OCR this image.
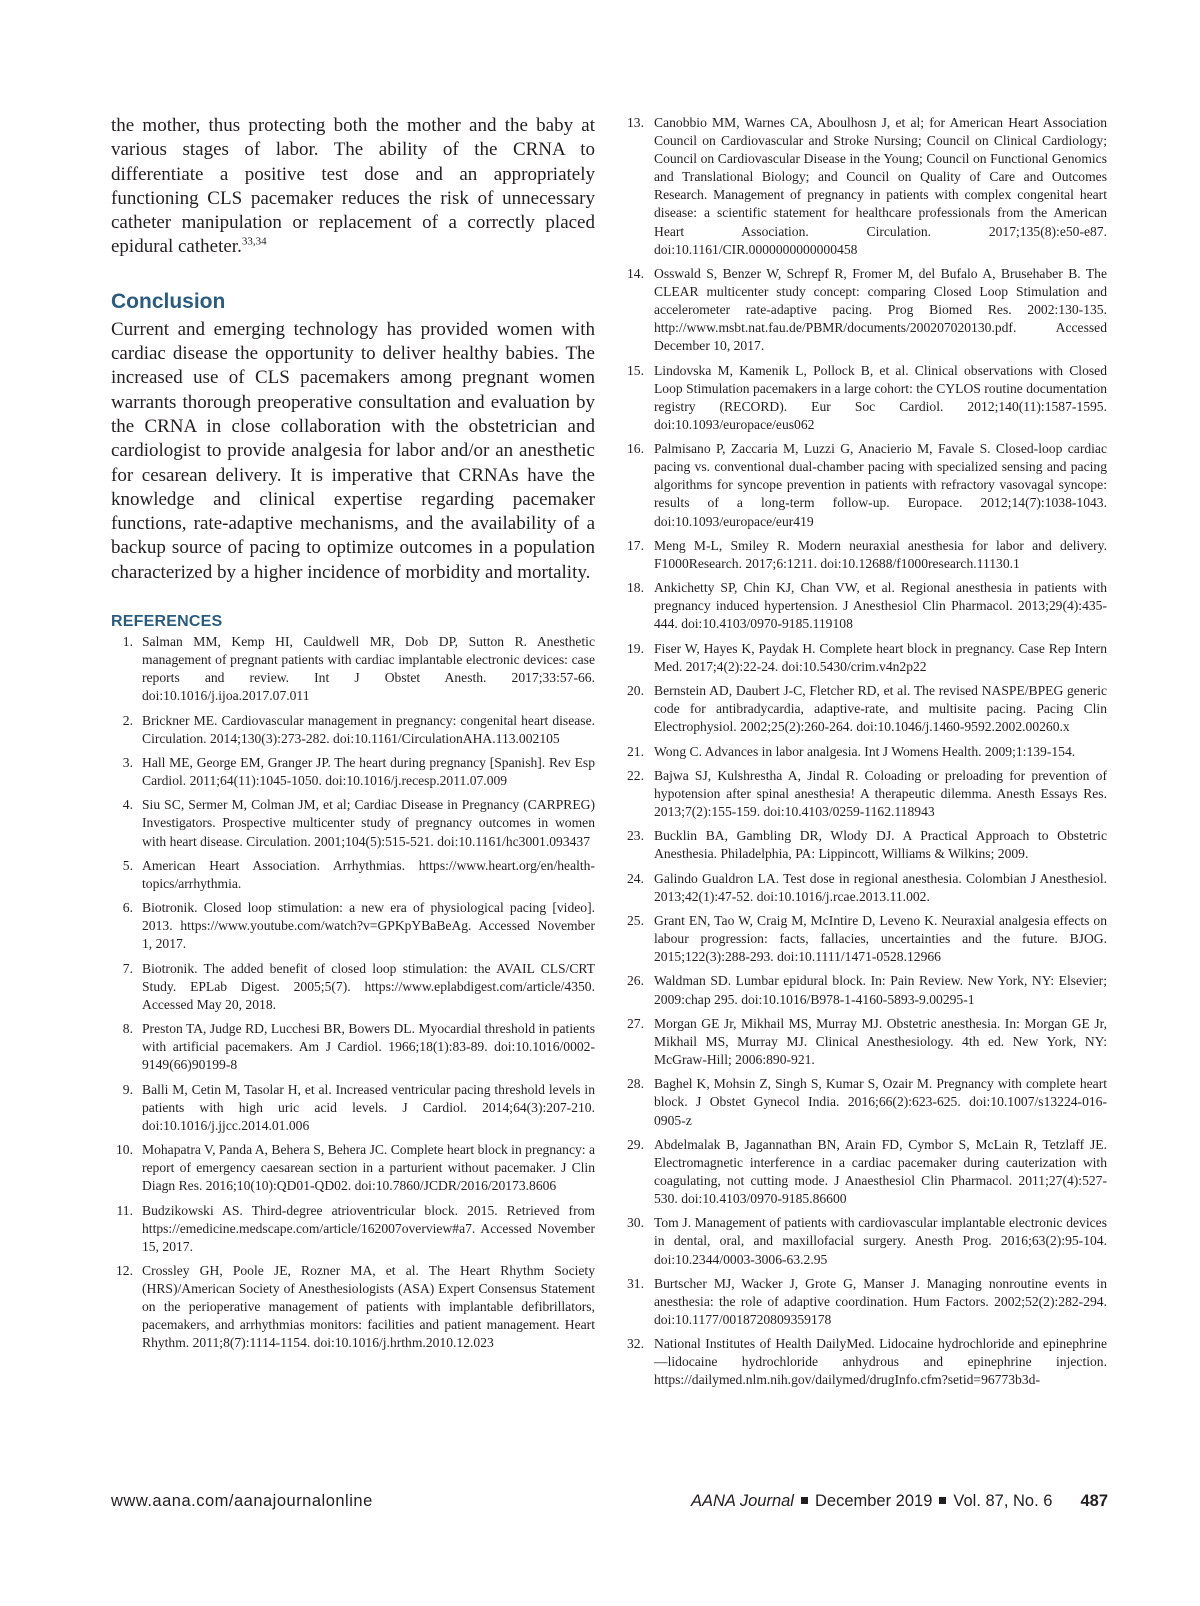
the mother, thus protecting both the mother and the baby at various stages of labor. The ability of the CRNA to differentiate a positive test dose and an appropriately functioning CLS pacemaker reduces the risk of unnecessary catheter manipulation or replacement of a correctly placed epidural catheter.$^{33,34}$

Conclusion

Current and emerging technology has provided women with cardiac disease the opportunity to deliver healthy babies. The increased use of CLS pacemakers among pregnant women warrants thorough preoperative consultation and evaluation by the CRNA in close collaboration with the obstetrician and cardiologist to provide analgesia for labor and/or an anesthetic for cesarean delivery. It is imperative that CRNAs have the knowledge and clinical expertise regarding pacemaker functions, rate-adaptive mechanisms, and the availability of a backup source of pacing to optimize outcomes in a population characterized by a higher incidence of morbidity and mortality.

REFERENCES
1. Salman MM, Kemp HI, Cauldwell MR, Dob DP, Sutton R. Anesthetic management of pregnant patients with cardiac implantable electronic devices: case reports and review. Int J Obstet Anesth. 2017;33:57-66. doi:10.1016/j.ijoa.2017.07.011
2. Brickner ME. Cardiovascular management in pregnancy: congenital heart disease. Circulation. 2014;130(3):273-282. doi:10.1161/CirculationAHA.113.002105
3. Hall ME, George EM, Granger JP. The heart during pregnancy [Spanish]. Rev Esp Cardiol. 2011;64(11):1045-1050. doi:10.1016/j.recesp.2011.07.009
4. Siu SC, Sermer M, Colman JM, et al; Cardiac Disease in Pregnancy (CARPREG) Investigators. Prospective multicenter study of pregnancy outcomes in women with heart disease. Circulation. 2001;104(5):515-521. doi:10.1161/hc3001.093437
5. American Heart Association. Arrhythmias. https://www.heart.org/en/health-topics/arrhythmia.
6. Biotronik. Closed loop stimulation: a new era of physiological pacing [video]. 2013. https://www.youtube.com/watch?v=GPKpYBaBeAg. Accessed November 1, 2017.
7. Biotronik. The added benefit of closed loop stimulation: the AVAIL CLS/CRT Study. EPLab Digest. 2005;5(7). https://www.eplabdigest.com/article/4350. Accessed May 20, 2018.
8. Preston TA, Judge RD, Lucchesi BR, Bowers DL. Myocardial threshold in patients with artificial pacemakers. Am J Cardiol. 1966;18(1):83-89. doi:10.1016/0002-9149(66)90199-8
9. Balli M, Cetin M, Tasolar H, et al. Increased ventricular pacing threshold levels in patients with high uric acid levels. J Cardiol. 2014;64(3):207-210. doi:10.1016/j.jjcc.2014.01.006
10. Mohapatra V, Panda A, Behera S, Behera JC. Complete heart block in pregnancy: a report of emergency caesarean section in a parturient without pacemaker. J Clin Diagn Res. 2016;10(10):QD01-QD02. doi:10.7860/JCDR/2016/20173.8606
11. Budzikowski AS. Third-degree atrioventricular block. 2015. Retrieved from https://emedicine.medscape.com/article/162007overview#a7. Accessed November 15, 2017.
12. Crossley GH, Poole JE, Rozner MA, et al. The Heart Rhythm Society (HRS)/American Society of Anesthesiologists (ASA) Expert Consensus Statement on the perioperative management of patients with implantable defibrillators, pacemakers, and arrhythmias monitors: facilities and patient management. Heart Rhythm. 2011;8(7):1114-1154. doi:10.1016/j.hrthm.2010.12.023
13. Canobbio MM, Warnes CA, Aboulhosn J, et al; for American Heart Association Council on Cardiovascular and Stroke Nursing; Council on Clinical Cardiology; Council on Cardiovascular Disease in the Young; Council on Functional Genomics and Translational Biology; and Council on Quality of Care and Outcomes Research. Management of pregnancy in patients with complex congenital heart disease: a scientific statement for healthcare professionals from the American Heart Association. Circulation. 2017;135(8):e50-e87. doi:10.1161/CIR.0000000000000458
14. Osswald S, Benzer W, Schrepf R, Fromer M, del Bufalo A, Brusehaber B. The CLEAR multicenter study concept: comparing Closed Loop Stimulation and accelerometer rate-adaptive pacing. Prog Biomed Res. 2002:130-135. http://www.msbt.nat.fau.de/PBMR/documents/200207020130.pdf. Accessed December 10, 2017.
15. Lindovska M, Kamenik L, Pollock B, et al. Clinical observations with Closed Loop Stimulation pacemakers in a large cohort: the CYLOS routine documentation registry (RECORD). Eur Soc Cardiol. 2012;140(11):1587-1595. doi:10.1093/europace/eus062
16. Palmisano P, Zaccaria M, Luzzi G, Anacierio M, Favale S. Closed-loop cardiac pacing vs. conventional dual-chamber pacing with specialized sensing and pacing algorithms for syncope prevention in patients with refractory vasovagal syncope: results of a long-term follow-up. Europace. 2012;14(7):1038-1043. doi:10.1093/europace/eur419
17. Meng M-L, Smiley R. Modern neuraxial anesthesia for labor and delivery. F1000Research. 2017;6:1211. doi:10.12688/f1000research.11130.1
18. Ankichetty SP, Chin KJ, Chan VW, et al. Regional anesthesia in patients with pregnancy induced hypertension. J Anesthesiol Clin Pharmacol. 2013;29(4):435-444. doi:10.4103/0970-9185.119108
19. Fiser W, Hayes K, Paydak H. Complete heart block in pregnancy. Case Rep Intern Med. 2017;4(2):22-24. doi:10.5430/crim.v4n2p22
20. Bernstein AD, Daubert J-C, Fletcher RD, et al. The revised NASPE/BPEG generic code for antibradycardia, adaptive-rate, and multisite pacing. Pacing Clin Electrophysiol. 2002;25(2):260-264. doi:10.1046/j.1460-9592.2002.00260.x
21. Wong C. Advances in labor analgesia. Int J Womens Health. 2009;1:139-154.
22. Bajwa SJ, Kulshrestha A, Jindal R. Coloading or preloading for prevention of hypotension after spinal anesthesia! A therapeutic dilemma. Anesth Essays Res. 2013;7(2):155-159. doi:10.4103/0259-1162.118943
23. Bucklin BA, Gambling DR, Wlody DJ. A Practical Approach to Obstetric Anesthesia. Philadelphia, PA: Lippincott, Williams & Wilkins; 2009.
24. Galindo Gualdron LA. Test dose in regional anesthesia. Colombian J Anesthesiol. 2013;42(1):47-52. doi:10.1016/j.rcae.2013.11.002.
25. Grant EN, Tao W, Craig M, McIntire D, Leveno K. Neuraxial analgesia effects on labour progression: facts, fallacies, uncertainties and the future. BJOG. 2015;122(3):288-293. doi:10.1111/1471-0528.12966
26. Waldman SD. Lumbar epidural block. In: Pain Review. New York, NY: Elsevier; 2009:chap 295. doi:10.1016/B978-1-4160-5893-9.00295-1
27. Morgan GE Jr, Mikhail MS, Murray MJ. Obstetric anesthesia. In: Morgan GE Jr, Mikhail MS, Murray MJ. Clinical Anesthesiology. 4th ed. New York, NY: McGraw-Hill; 2006:890-921.
28. Baghel K, Mohsin Z, Singh S, Kumar S, Ozair M. Pregnancy with complete heart block. J Obstet Gynecol India. 2016;66(2):623-625. doi:10.1007/s13224-016-0905-z
29. Abdelmalak B, Jagannathan BN, Arain FD, Cymbor S, McLain R, Tetzlaff JE. Electromagnetic interference in a cardiac pacemaker during cauterization with coagulating, not cutting mode. J Anaesthesiol Clin Pharmacol. 2011;27(4):527-530. doi:10.4103/0970-9185.86600
30. Tom J. Management of patients with cardiovascular implantable electronic devices in dental, oral, and maxillofacial surgery. Anesth Prog. 2016;63(2):95-104. doi:10.2344/0003-3006-63.2.95
31. Burtscher MJ, Wacker J, Grote G, Manser J. Managing nonroutine events in anesthesia: the role of adaptive coordination. Hum Factors. 2002;52(2):282-294. doi:10.1177/0018720809359178
32. National Institutes of Health DailyMed. Lidocaine hydrochloride and epinephrine—lidocaine hydrochloride anhydrous and epinephrine injection. https://dailymed.nlm.nih.gov/dailymed/drugInfo.cfm?setid=96773b3d-
www.aana.com/aanajournalonline	AANA Journal December 2019 Vol. 87, No. 6 487
